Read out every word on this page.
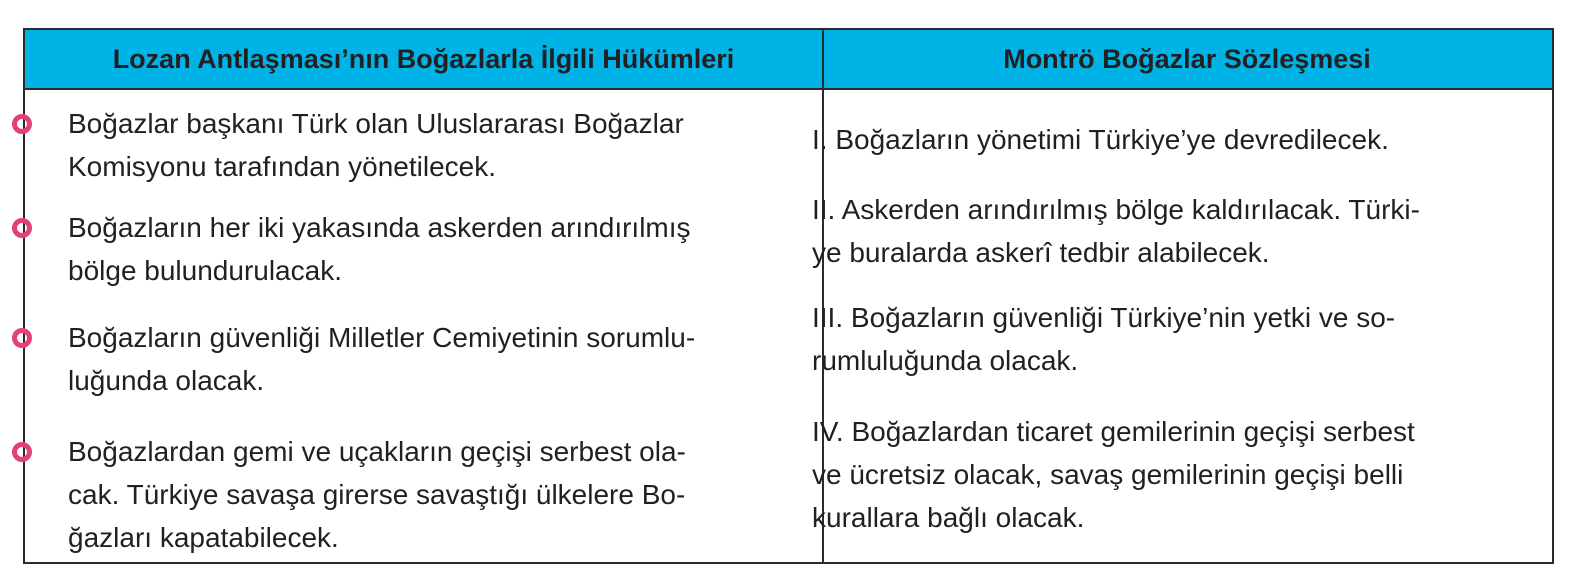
Lozan Antlaşması’nın Boğazlarla İlgili Hükümleri	Montrö Boğazlar Sözleşmesi
Boğazlar başkanı Türk olan Uluslararası Boğazlar
Komisyonu tarafından yönetilecek.
Boğazların her iki yakasında askerden arındırılmış
bölge bulundurulacak.
Boğazların güvenliği Milletler Cemiyetinin sorumlu-
luğunda olacak.
Boğazlardan gemi ve uçakların geçişi serbest ola-
cak. Türkiye savaşa girerse savaştığı ülkelere Bo-
ğazları kapatabilecek.
I. Boğazların yönetimi Türkiye’ye devredilecek.
II. Askerden arındırılmış bölge kaldırılacak. Türki-
ye buralarda askerî tedbir alabilecek.
III. Boğazların güvenliği Türkiye’nin yetki ve so-
rumluluğunda olacak.
IV. Boğazlardan ticaret gemilerinin geçişi serbest
ve ücretsiz olacak, savaş gemilerinin geçişi belli
kurallara bağlı olacak.
